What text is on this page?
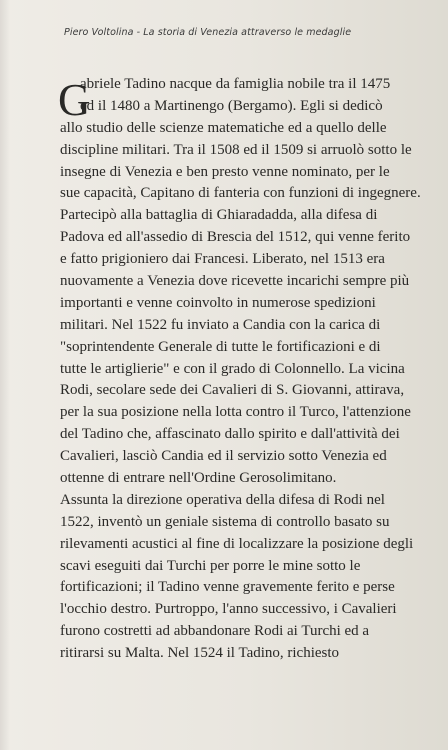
Piero Voltolina - La storia di Venezia attraverso le medaglie
G
abriele Tadino nacque da famiglia nobile tra il 1475
ed il 1480 a Martinengo (Bergamo). Egli si dedicò
allo studio delle scienze matematiche ed a quello delle
discipline militari. Tra il 1508 ed il 1509 si arruolò sotto le
insegne di Venezia e ben presto venne nominato, per le
sue capacità, Capitano di fanteria con funzioni di ingegnere.
Partecipò alla battaglia di Ghiaradadda, alla difesa di
Padova ed all'assedio di Brescia del 1512, qui venne ferito
e fatto prigioniero dai Francesi. Liberato, nel 1513 era
nuovamente a Venezia dove ricevette incarichi sempre più
importanti e venne coinvolto in numerose spedizioni
militari. Nel 1522 fu inviato a Candia con la carica di
"soprintendente Generale di tutte le fortificazioni e di
tutte le artiglierie" e con il grado di Colonnello. La vicina
Rodi, secolare sede dei Cavalieri di S. Giovanni, attirava,
per la sua posizione nella lotta contro il Turco, l'attenzione
del Tadino che, affascinato dallo spirito e dall'attività dei
Cavalieri, lasciò Candia ed il servizio sotto Venezia ed
ottenne di entrare nell'Ordine Gerosolimitano.
Assunta la direzione operativa della difesa di Rodi nel
1522, inventò un geniale sistema di controllo basato su
rilevamenti acustici al fine di localizzare la posizione degli
scavi eseguiti dai Turchi per porre le mine sotto le
fortificazioni; il Tadino venne gravemente ferito e perse
l'occhio destro. Purtroppo, l'anno successivo, i Cavalieri
furono costretti ad abbandonare Rodi ai Turchi ed a
ritirarsi su Malta. Nel 1524 il Tadino, richiesto
